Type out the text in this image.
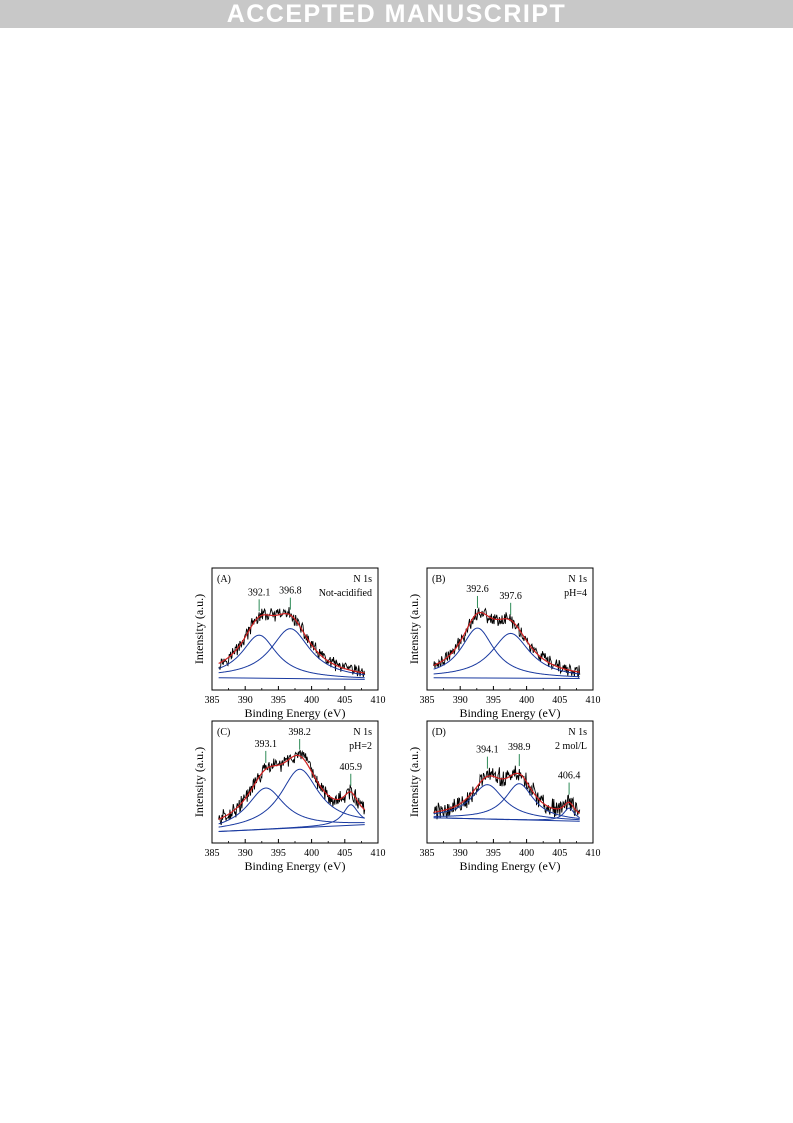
ACCEPTED MANUSCRIPT
385 390 395 400 405 410
Binding Energy (eV)
Intensity (a.u.)
(A)	N 1s
Not-acidified
392.1 396.8
385 390 395 400 405 410
Binding Energy (eV)
Intensity (a.u.)
(B)	N 1s
pH=4
392.6
397.6
385 390 395 400 405 410
Binding Energy (eV)
Intensity (a.u.)
(C)	N 1s
pH=2
393.1
398.2
405.9
385 390 395 400 405 410
Binding Energy (eV)
Intensity (a.u.)
(D)	N 1s
2 mol/L
394.1 398.9
406.4
